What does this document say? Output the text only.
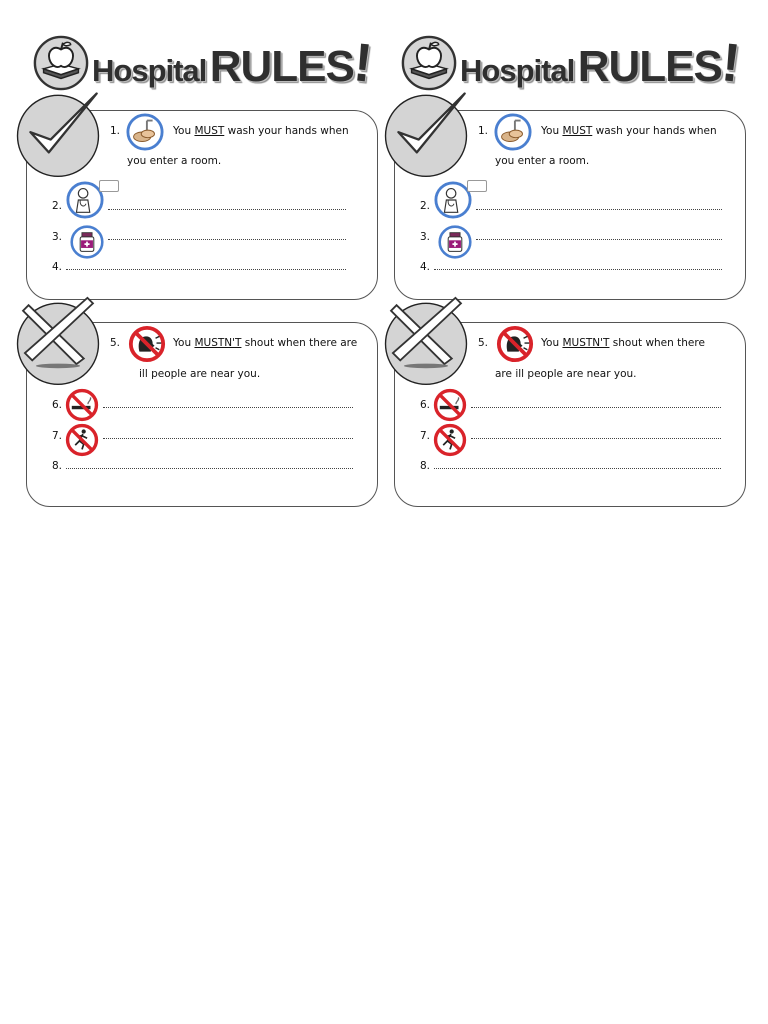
Hospital RULES!
1.	You MUST wash your hands when
you enter a room.
2.
3.
4.
5.	You MUSTN'T shout when there are
ill people are near you.
6.
7.
8.
Hospital RULES!
1.	You MUST wash your hands when
you enter a room.
2.
3.
4.
5.	You MUSTN'T shout when there
are ill people are near you.
6.
7.
8.
